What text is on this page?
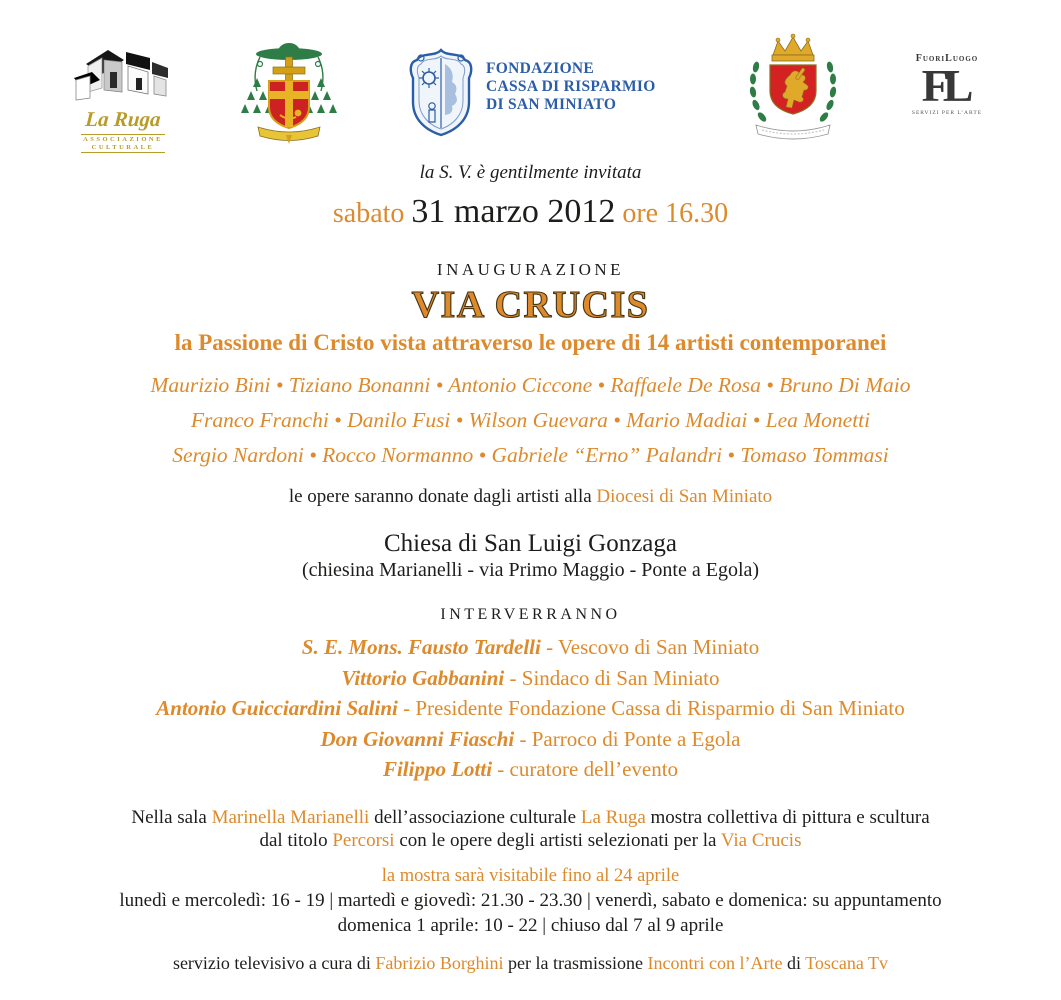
La Ruga
ASSOCIAZIONE
CULTURALE
FONDAZIONE
CASSA DI RISPARMIO
DI SAN MINIATO
FuoriLuogo
FL
SERVIZI PER L’ARTE
la S. V. è gentilmente invitata
sabato 31 marzo 2012 ore 16.30
INAUGURAZIONE
VIA CRUCIS
la Passione di Cristo vista attraverso le opere di 14 artisti contemporanei
Maurizio Bini • Tiziano Bonanni • Antonio Ciccone • Raffaele De Rosa • Bruno Di Maio
Franco Franchi • Danilo Fusi • Wilson Guevara • Mario Madiai • Lea Monetti
Sergio Nardoni • Rocco Normanno • Gabriele “Erno” Palandri • Tomaso Tommasi
le opere saranno donate dagli artisti alla Diocesi di San Miniato
Chiesa di San Luigi Gonzaga
(chiesina Marianelli - via Primo Maggio - Ponte a Egola)
INTERVERRANNO
S. E. Mons. Fausto Tardelli - Vescovo di San Miniato
Vittorio Gabbanini - Sindaco di San Miniato
Antonio Guicciardini Salini - Presidente Fondazione Cassa di Risparmio di San Miniato
Don Giovanni Fiaschi - Parroco di Ponte a Egola
Filippo Lotti - curatore dell’evento
Nella sala Marinella Marianelli dell’associazione culturale La Ruga mostra collettiva di pittura e scultura
dal titolo Percorsi con le opere degli artisti selezionati per la Via Crucis
la mostra sarà visitabile fino al 24 aprile
lunedì e mercoledì: 16 - 19 | martedì e giovedì: 21.30 - 23.30 | venerdì, sabato e domenica: su appuntamento
domenica 1 aprile: 10 - 22 | chiuso dal 7 al 9 aprile
servizio televisivo a cura di Fabrizio Borghini per la trasmissione Incontri con l’Arte di Toscana Tv
